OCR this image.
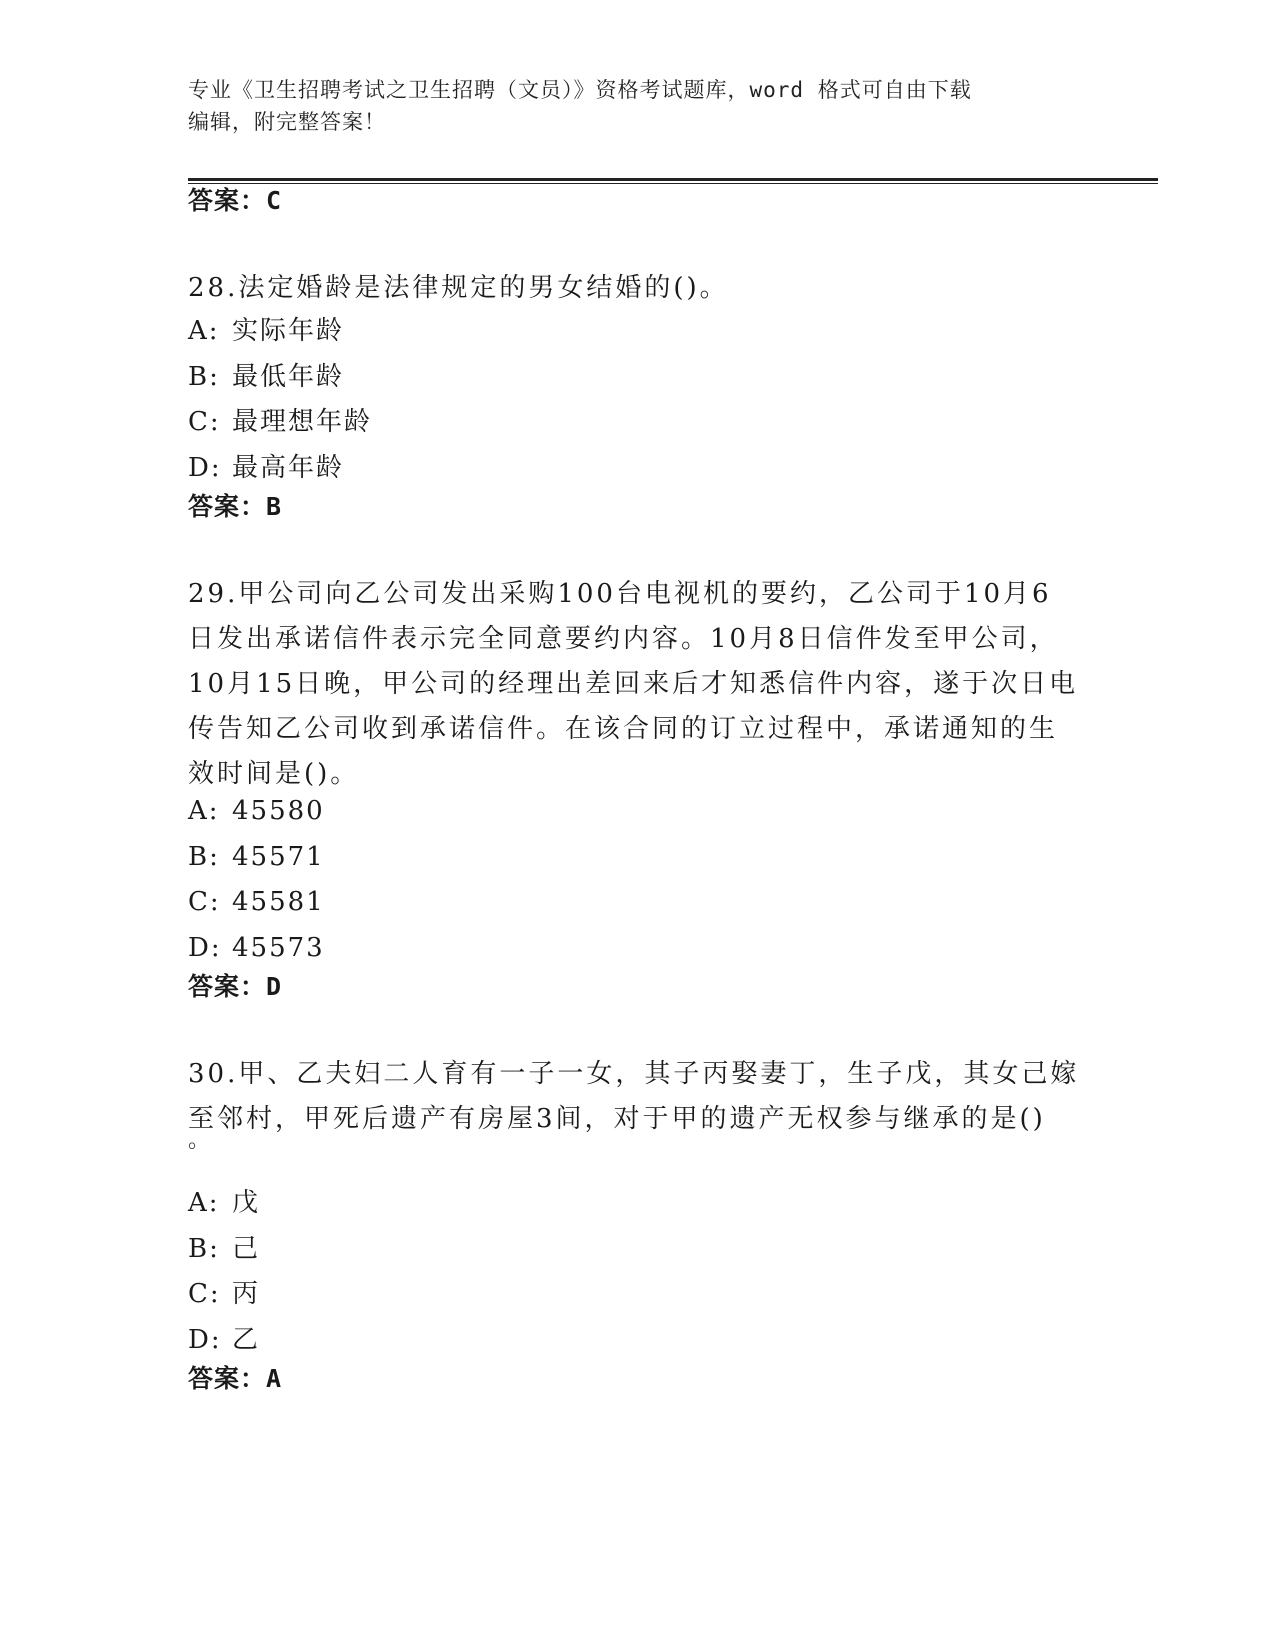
专业《卫生招聘考试之卫生招聘（文员）》资格考试题库，word 格式可自由下载
编辑，附完整答案！
答案：C
28.法定婚龄是法律规定的男女结婚的()。
A: 实际年龄
B: 最低年龄
C: 最理想年龄
D: 最高年龄
答案：B
29.甲公司向乙公司发出采购100台电视机的要约，乙公司于10月6
日发出承诺信件表示完全同意要约内容。10月8日信件发至甲公司，
10月15日晚，甲公司的经理出差回来后才知悉信件内容，遂于次日电
传告知乙公司收到承诺信件。在该合同的订立过程中，承诺通知的生
效时间是()。
A: 45580
B: 45571
C: 45581
D: 45573
答案：D
30.甲、乙夫妇二人育有一子一女，其子丙娶妻丁，生子戊，其女己嫁
至邻村，甲死后遗产有房屋3间，对于甲的遗产无权参与继承的是()
。
A: 戊
B: 己
C: 丙
D: 乙
答案：A
